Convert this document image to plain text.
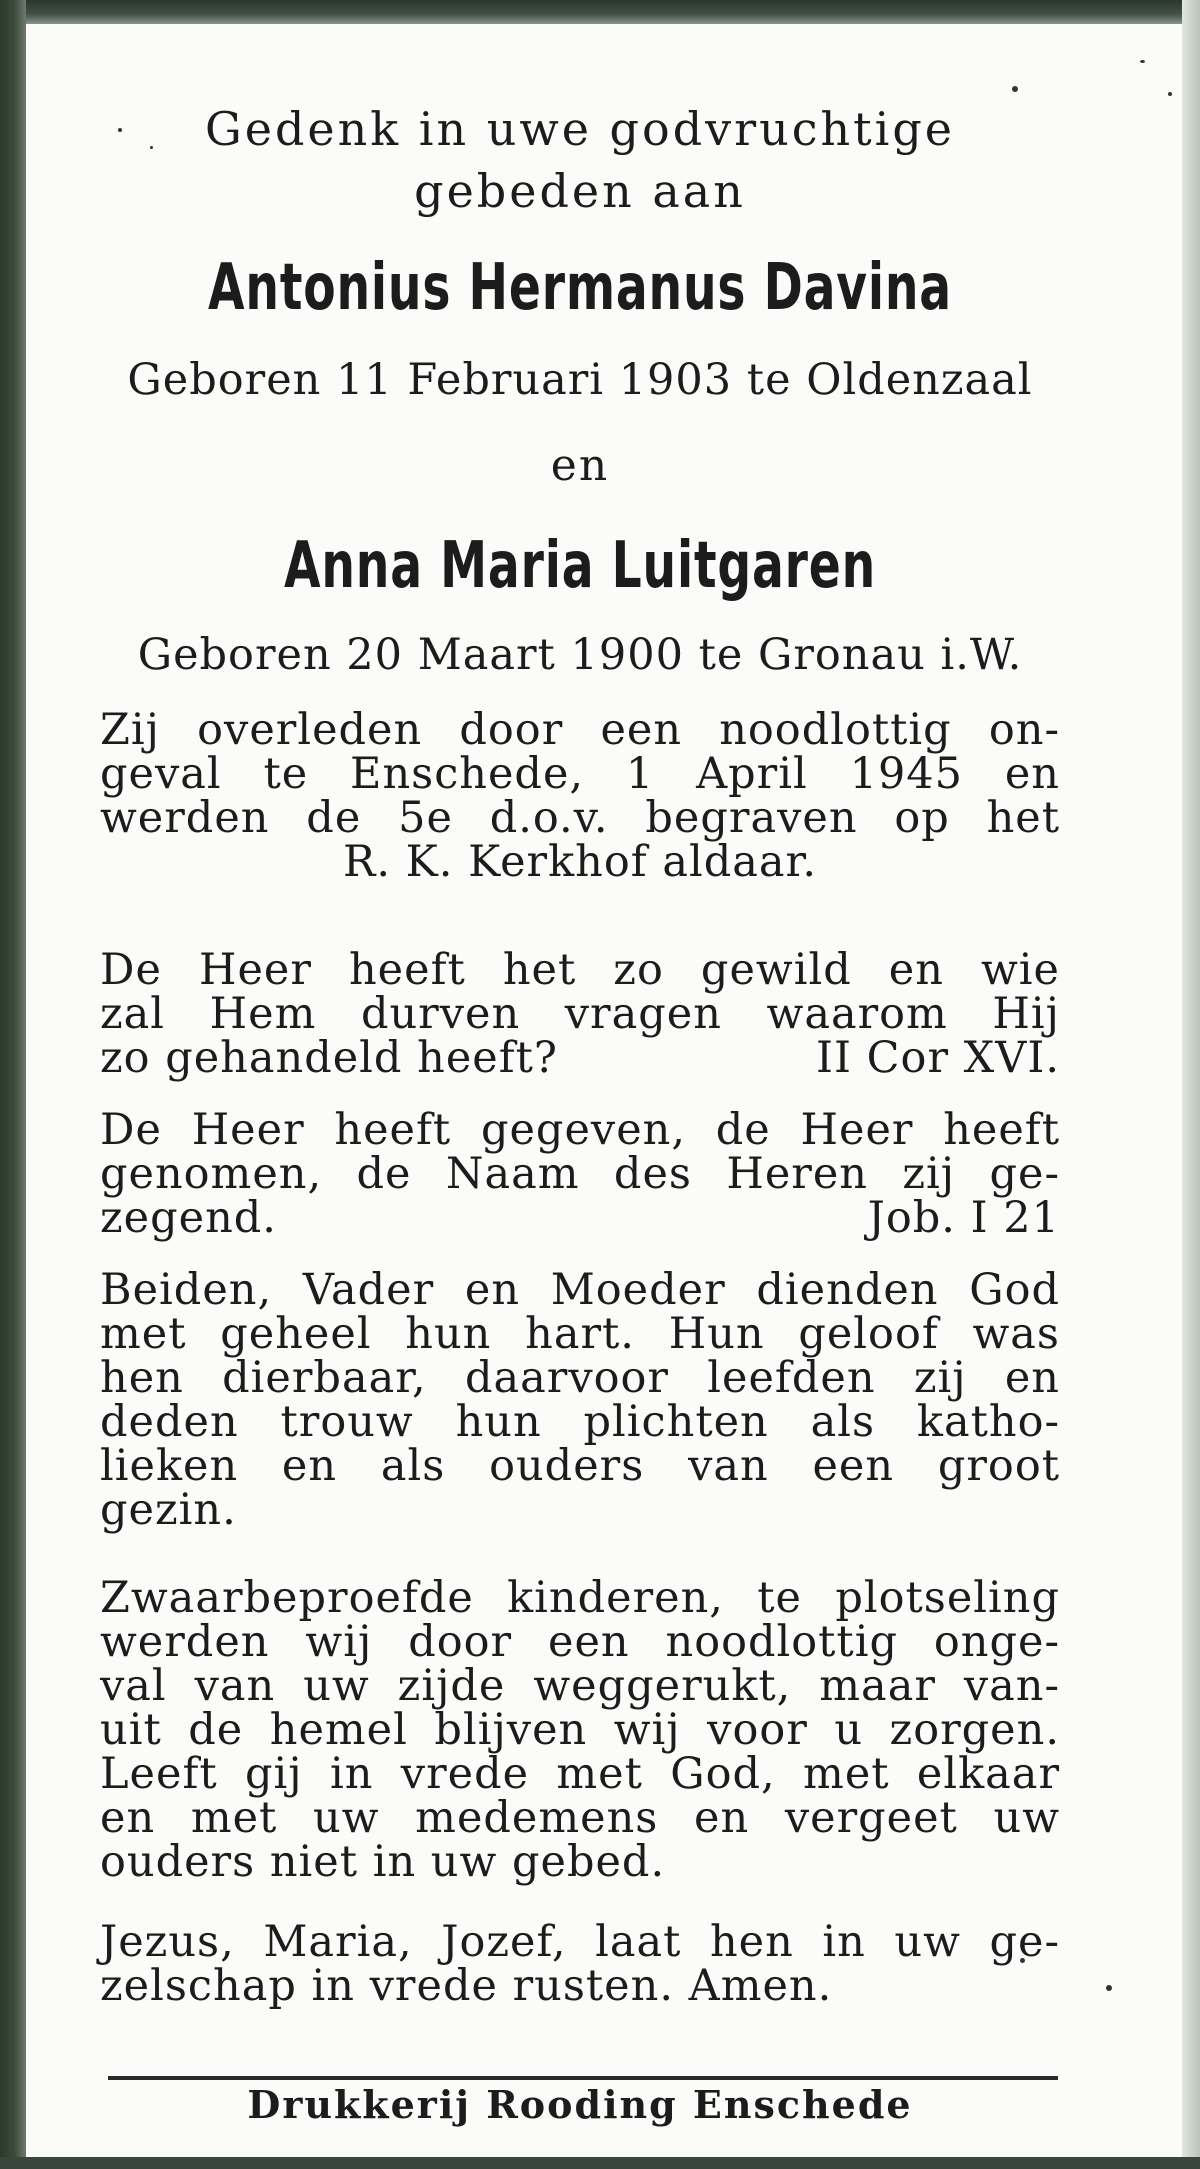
Gedenk in uwe godvruchtige
gebeden aan
Antonius Hermanus Davina
Geboren 11 Februari 1903 te Oldenzaal
en
Anna Maria Luitgaren
Geboren 20 Maart 1900 te Gronau i.W.
Zij overleden door een noodlottig on-
geval te Enschede, 1 April 1945 en
werden de 5e d.o.v. begraven op het
R. K. Kerkhof aldaar.
De Heer heeft het zo gewild en wie
zal Hem durven vragen waarom Hij
zo gehandeld heeft?	II Cor XVI.
De Heer heeft gegeven, de Heer heeft
genomen, de Naam des Heren zij ge-
zegend.	Job. I 21
Beiden, Vader en Moeder dienden God
met geheel hun hart. Hun geloof was
hen dierbaar, daarvoor leefden zij en
deden trouw hun plichten als katho-
lieken en als ouders van een groot
gezin.
Zwaarbeproefde kinderen, te plotseling
werden wij door een noodlottig onge-
val van uw zijde weggerukt, maar van-
uit de hemel blijven wij voor u zorgen.
Leeft gij in vrede met God, met elkaar
en met uw medemens en vergeet uw
ouders niet in uw gebed.
Jezus, Maria, Jozef, laat hen in uw ge-
zelschap in vrede rusten. Amen.
Drukkerij Rooding Enschede
